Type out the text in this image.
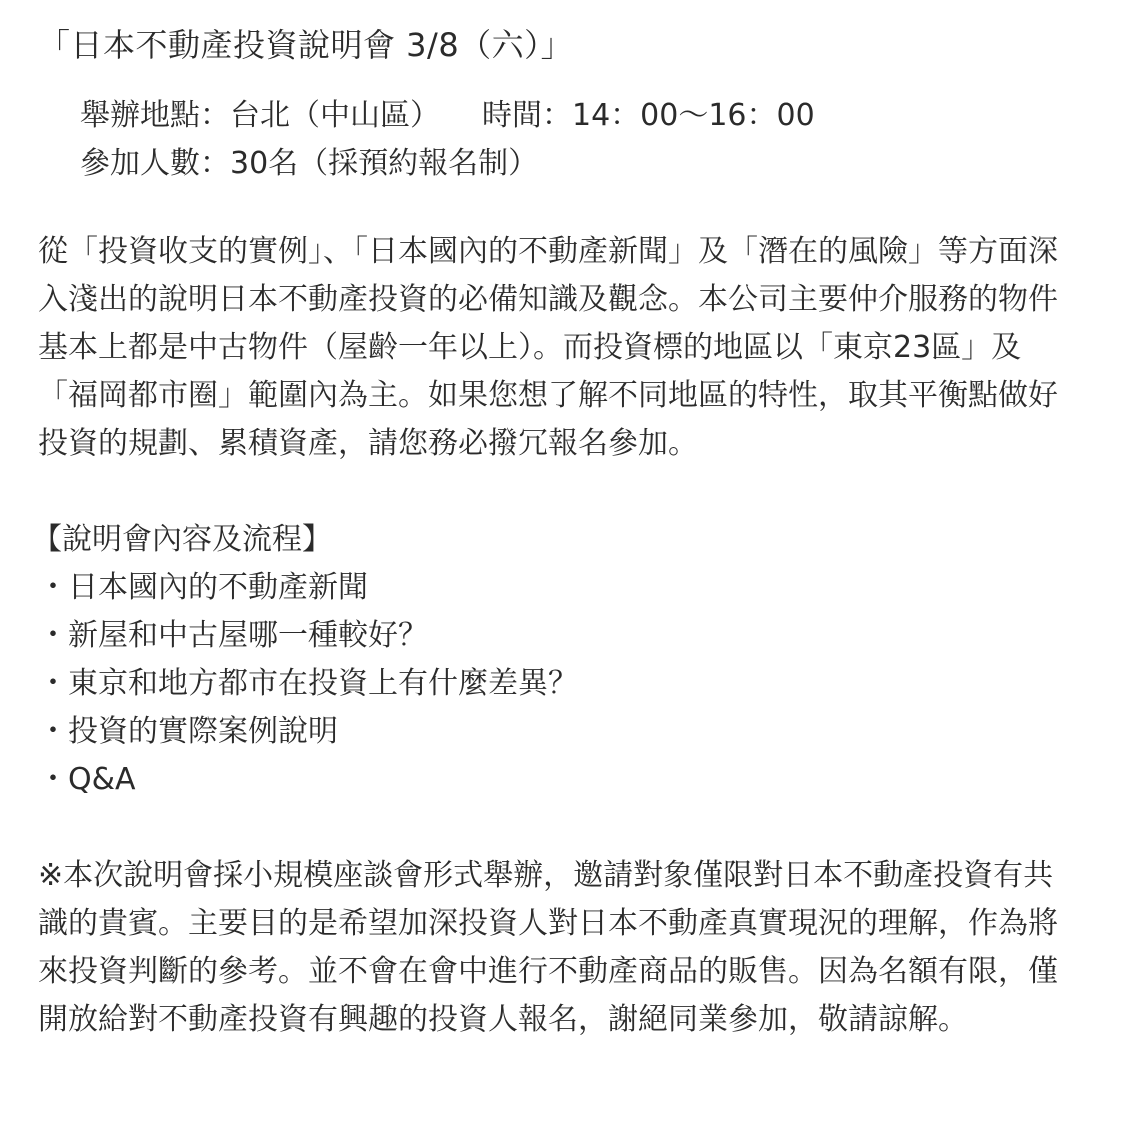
「日本不動產投資說明會 3/8（六）」
舉辦地點：台北（中山區） 時間：14：00～16：00
參加人數：30名（採預約報名制）

從「投資收支的實例」、「日本國內的不動產新聞」及「潛在的風險」等方面深入淺出的說明日本不動產投資的必備知識及觀念。本公司主要仲介服務的物件基本上都是中古物件（屋齡一年以上）。而投資標的地區以「東京23區」及「福岡都市圈」範圍內為主。如果您想了解不同地區的特性，取其平衡點做好投資的規劃、累積資產，請您務必撥冗報名參加。

【說明會內容及流程】
・日本國內的不動產新聞
・新屋和中古屋哪一種較好？
・東京和地方都市在投資上有什麼差異？
・投資的實際案例說明
・Q&A

※本次說明會採小規模座談會形式舉辦，邀請對象僅限對日本不動產投資有共識的貴賓。主要目的是希望加深投資人對日本不動產真實現況的理解，作為將來投資判斷的參考。並不會在會中進行不動產商品的販售。因為名額有限，僅開放給對不動產投資有興趣的投資人報名，謝絕同業參加，敬請諒解。
